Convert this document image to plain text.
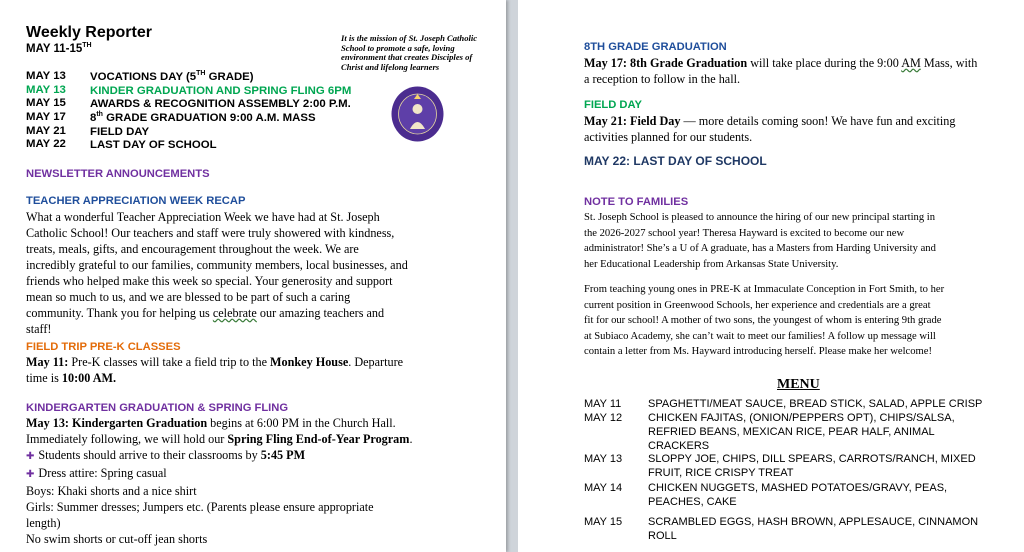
Weekly Reporter
MAY 11-15TH
It is the mission of St. Joseph Catholic
School to promote a safe, loving
environment that creates Disciples of
Christ and lifelong learners
MAY 13 VOCATIONS DAY (5TH GRADE)
MAY 13 KINDER GRADUATION AND SPRING FLING 6PM
MAY 15 AWARDS & RECOGNITION ASSEMBLY 2:00 P.M.
MAY 17 8th GRADE GRADUATION 9:00 A.M. MASS
MAY 21 FIELD DAY
MAY 22 LAST DAY OF SCHOOL
NEWSLETTER ANNOUNCEMENTS
TEACHER APPRECIATION WEEK RECAP
What a wonderful Teacher Appreciation Week we have had at St. Joseph
Catholic School! Our teachers and staff were truly showered with kindness,
treats, meals, gifts, and encouragement throughout the week. We are
incredibly grateful to our families, community members, local businesses, and
friends who helped make this week so special. Your generosity and support
mean so much to us, and we are blessed to be part of such a caring
community. Thank you for helping us celebrate our amazing teachers and
staff!
FIELD TRIP PRE-K CLASSES
May 11: Pre-K classes will take a field trip to the Monkey House. Departure
time is 10:00 AM.
KINDERGARTEN GRADUATION & SPRING FLING
May 13: Kindergarten Graduation begins at 6:00 PM in the Church Hall.
Immediately following, we will hold our Spring Fling End-of-Year Program.
✚ Students should arrive to their classrooms by 5:45 PM
✚ Dress attire: Spring casual
Boys: Khaki shorts and a nice shirt
Girls: Summer dresses; Jumpers etc. (Parents please ensure appropriate
length)
No swim shorts or cut-off jean shorts
8TH GRADE GRADUATION
May 17: 8th Grade Graduation will take place during the 9:00 AM Mass, with
a reception to follow in the hall.
FIELD DAY
May 21: Field Day — more details coming soon! We have fun and exciting
activities planned for our students.
MAY 22: LAST DAY OF SCHOOL
NOTE TO FAMILIES
St. Joseph School is pleased to announce the hiring of our new principal starting in
the 2026-2027 school year! Theresa Hayward is excited to become our new
administrator! She’s a U of A graduate, has a Masters from Harding University and
her Educational Leadership from Arkansas State University.
From teaching young ones in PRE-K at Immaculate Conception in Fort Smith, to her
current position in Greenwood Schools, her experience and credentials are a great
fit for our school! A mother of two sons, the youngest of whom is entering 9th grade
at Subiaco Academy, she can’t wait to meet our families! A follow up message will
contain a letter from Ms. Hayward introducing herself. Please make her welcome!
MENU
MAY 11 SPAGHETTI/MEAT SAUCE, BREAD STICK, SALAD, APPLE CRISP
MAY 12 CHICKEN FAJITAS, (ONION/PEPPERS OPT), CHIPS/SALSA, REFRIED BEANS, MEXICAN RICE, PEAR HALF, ANIMAL CRACKERS
MAY 13 SLOPPY JOE, CHIPS, DILL SPEARS, CARROTS/RANCH, MIXED FRUIT, RICE CRISPY TREAT
MAY 14 CHICKEN NUGGETS, MASHED POTATOES/GRAVY, PEAS, PEACHES, CAKE
MAY 15 SCRAMBLED EGGS, HASH BROWN, APPLESAUCE, CINNAMON ROLL
